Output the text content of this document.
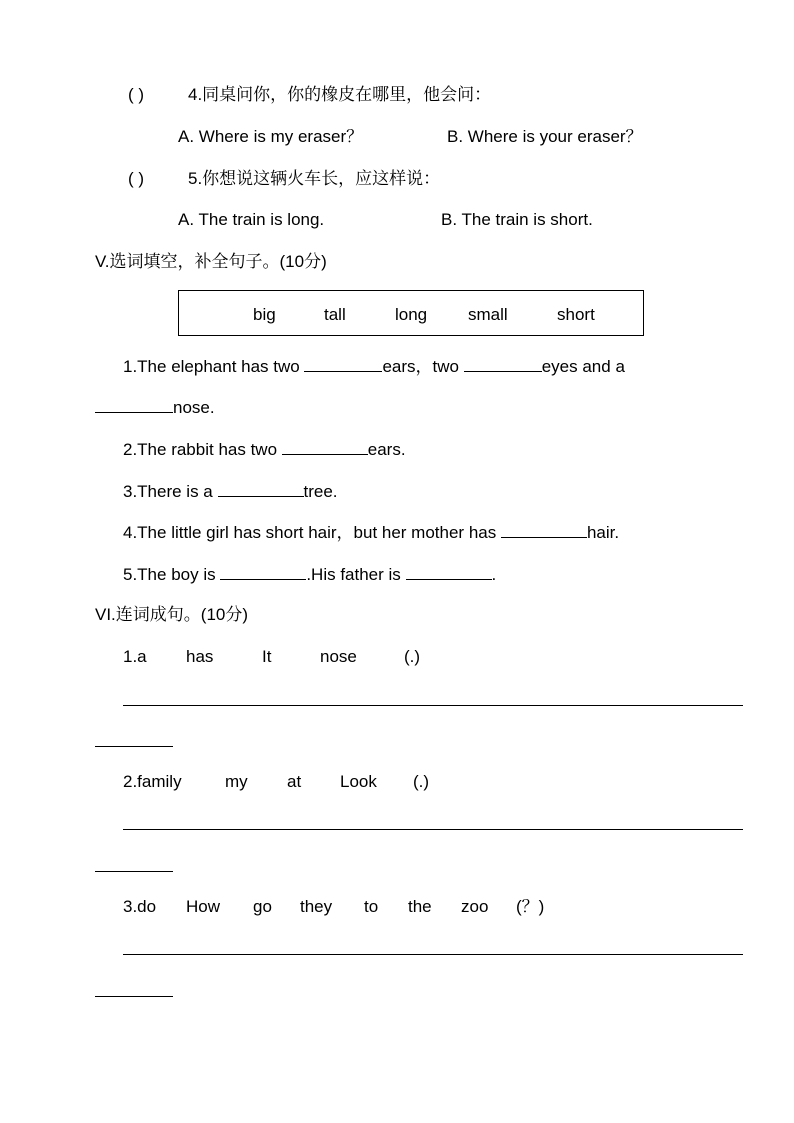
( )	4.同桌问你，你的橡皮在哪里，他会问：
A. Where is my eraser？	B. Where is your eraser？
( )	5.你想说这辆火车长，应这样说：
A. The train is long.	B. The train is short.
V.选词填空，补全句子。(10分)
big	tall	long small	short
1.The elephant has two	ears，two	eyes and a
nose.
2.The rabbit has two	ears.
3.There is a	tree.
4.The little girl has short hair，but her mother has	hair.
5.The boy is	.His father is	.
VI.连词成句。(10分)
1.a has	It	nose	(.)
2.family	my at Look (.)
3.do How go they to the zoo (？)
